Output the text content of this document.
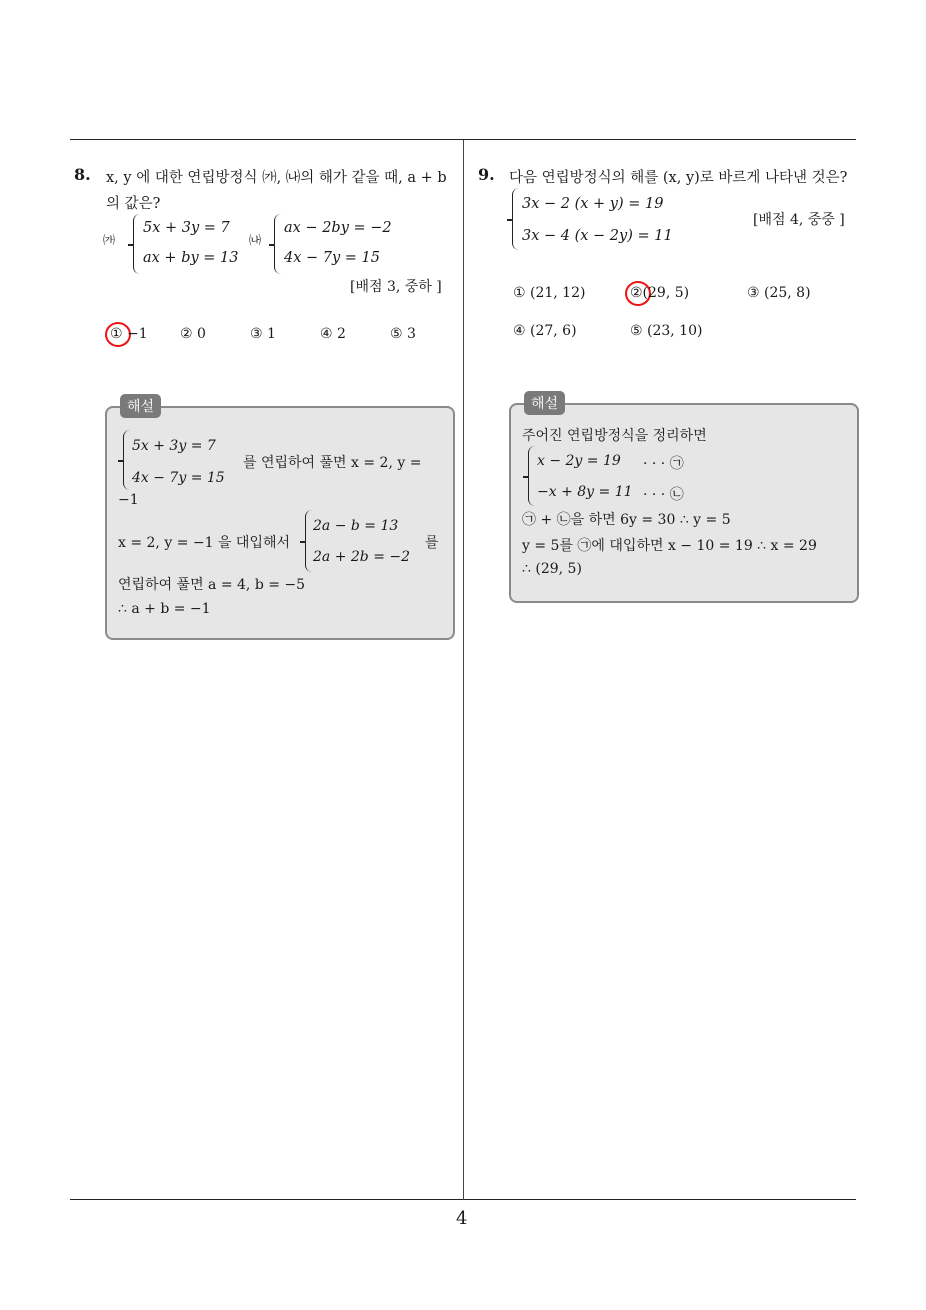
8. x, y 에 대한 연립방정식 ㈎, ㈏의 해가 같을 때, a + b
의 값은?
㈎
5x + 3y = 7
ax + by = 13
㈏
ax − 2by = −2
4x − 7y = 15
[배점 3, 중하 ]
① −1 ② 0	③ 1	④ 2	⑤ 3
해설
5x + 3y = 7
4x − 7y = 15
를 연립하여 풀면 x = 2, y =
−1
x = 2, y = −1 을 대입해서
2a − b = 13
2a + 2b = −2
를
연립하여 풀면 a = 4, b = −5
∴ a + b = −1
9. 다음 연립방정식의 해를 (x, y)로 바르게 나타낸 것은?
3x − 2 (x + y) = 19
3x − 4 (x − 2y) = 11
[배점 4, 중중 ]
① (21, 12)	②(29, 5)	③ (25, 8)
④ (27, 6)	⑤ (23, 10)
해설
주어진 연립방정식을 정리하면
x − 2y = 19 · · · ㉠
−x + 8y = 11 · · · ㉡
㉠ + ㉡을 하면 6y = 30 ∴ y = 5
y = 5를 ㉠에 대입하면 x − 10 = 19 ∴ x = 29
∴ (29, 5)
4
